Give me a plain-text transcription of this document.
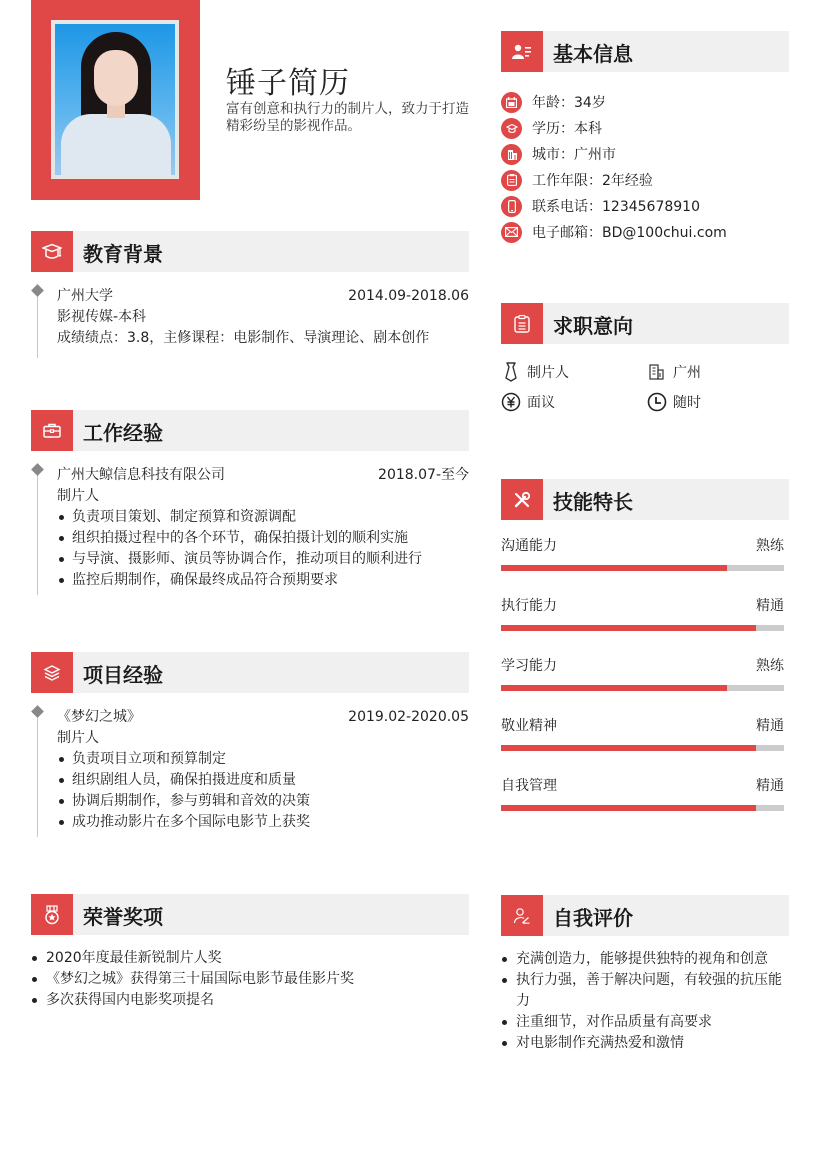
锤子简历
富有创意和执行力的制片人，致力于打造精彩纷呈的影视作品。
基本信息
年龄：34岁
学历：本科
城市：广州市
工作年限：2年经验
联系电话：12345678910
电子邮箱：BD@100chui.com
教育背景
广州大学	2014.09-2018.06
影视传媒-本科
成绩绩点：3.8，主修课程：电影制作、导演理论、剧本创作
工作经验
广州大鲸信息科技有限公司	2018.07-至今
制片人
负责项目策划、制定预算和资源调配
组织拍摄过程中的各个环节，确保拍摄计划的顺利实施
与导演、摄影师、演员等协调合作，推动项目的顺利进行
监控后期制作，确保最终成品符合预期要求
项目经验
《梦幻之城》	2019.02-2020.05
制片人
负责项目立项和预算制定
组织剧组人员，确保拍摄进度和质量
协调后期制作，参与剪辑和音效的决策
成功推动影片在多个国际电影节上获奖
求职意向
制片人	广州
面议	随时
技能特长
沟通能力	熟练
执行能力	精通
学习能力	熟练
敬业精神	精通
自我管理	精通
荣誉奖项
2020年度最佳新锐制片人奖
《梦幻之城》获得第三十届国际电影节最佳影片奖
多次获得国内电影奖项提名
自我评价
充满创造力，能够提供独特的视角和创意
执行力强，善于解决问题，有较强的抗压能力
注重细节，对作品质量有高要求
对电影制作充满热爱和激情
